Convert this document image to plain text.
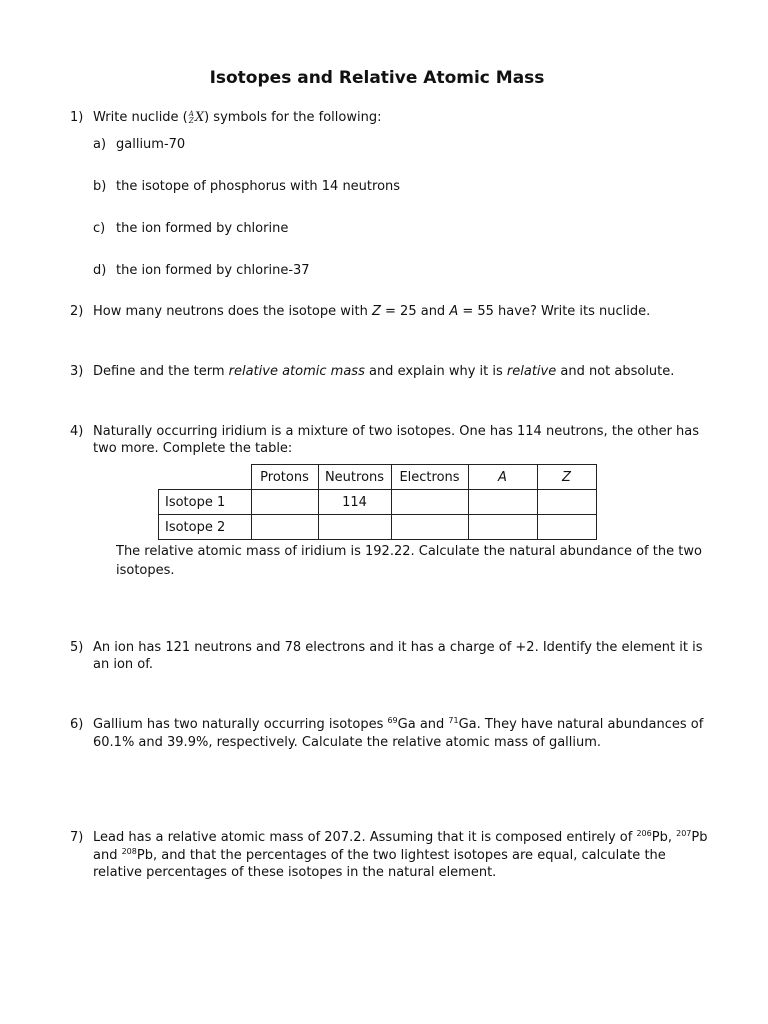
Isotopes and Relative Atomic Mass
1) Write nuclide ( A
Z X) symbols for the following:
a) gallium-70
b) the isotope of phosphorus with 14 neutrons
c) the ion formed by chlorine
d) the ion formed by chlorine-37
2) How many neutrons does the isotope with Z = 25 and A = 55 have? Write its nuclide.
3) Define and the term relative atomic mass and explain why it is relative and not absolute.
4) Naturally occurring iridium is a mixture of two isotopes. One has 114 neutrons, the other has
two more. Complete the table:
	Protons	Neutrons	Electrons	A	Z
Isotope 1		114			
Isotope 2					
The relative atomic mass of iridium is 192.22. Calculate the natural abundance of the two
isotopes.
5) An ion has 121 neutrons and 78 electrons and it has a charge of +2. Identify the element it is
an ion of.
6) Gallium has two naturally occurring isotopes $^{69}$Ga and $^{71}$Ga. They have natural abundances of
60.1% and 39.9%, respectively. Calculate the relative atomic mass of gallium.
7) Lead has a relative atomic mass of 207.2. Assuming that it is composed entirely of $^{206}$Pb, $^{207}$Pb
and $^{208}$Pb, and that the percentages of the two lightest isotopes are equal, calculate the
relative percentages of these isotopes in the natural element.
